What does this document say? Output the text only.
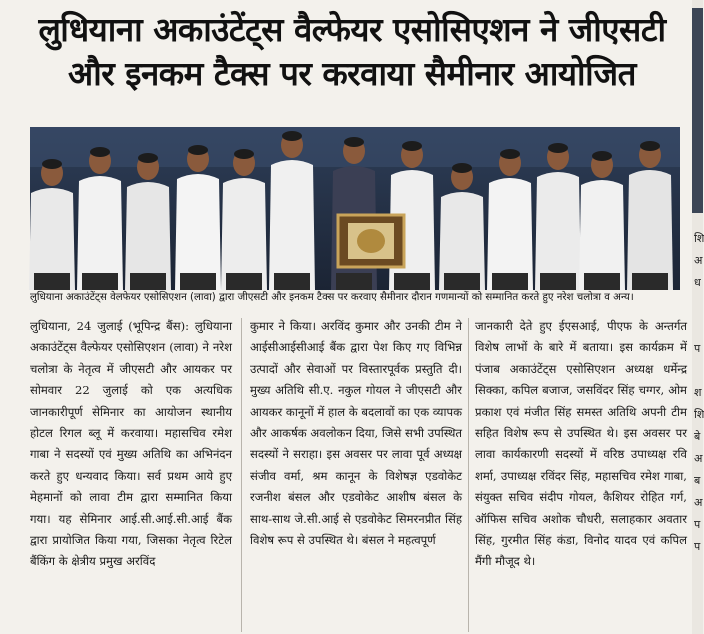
लुधियाना अकाउंटेंट्स वैल्फेयर एसोसिएशन ने जीएसटी
और इनकम टैक्स पर करवाया सैमीनार आयोजित
लुधियाना अकाउंटेंट्स वेलफेयर एसोसिएशन (लावा) द्वारा जीएसटी और इनकम टैक्स पर करवाए सैमीनार दौरान गणमान्यों को सम्मानित करते हुए नरेश चलोत्रा व अन्य।

लुधियाना, 24 जुलाई (भूपिन्द्र बैंस): लुधियाना अकाउंटेंट्स वैल्फेयर एसोसिएशन (लावा) ने नरेश चलोत्रा के नेतृत्व में जीएसटी और आयकर पर सोमवार 22 जुलाई को एक अत्यधिक जानकारीपूर्ण सेमिनार का आयोजन स्थानीय होटल रिगल ब्लू में करवाया। महासचिव रमेश गाबा ने सदस्यों एवं मुख्य अतिथि का अभिनंदन करते हुए धन्यवाद किया। सर्व प्रथम आये हुए मेहमानों को लावा टीम द्वारा सम्मानित किया गया। यह सेमिनार आई.सी.आई.सी.आई बैंक द्वारा प्रायोजित किया गया, जिसका नेतृत्व रिटेल बैंकिंग के क्षेत्रीय प्रमुख अरविंद

कुमार ने किया। अरविंद कुमार और उनकी टीम ने आईसीआईसीआई बैंक द्वारा पेश किए गए विभिन्न उत्पादों और सेवाओं पर विस्तारपूर्वक प्रस्तुति दी। मुख्य अतिथि सी.ए. नकुल गोयल ने जीएसटी और आयकर कानूनों में हाल के बदलावों का एक व्यापक और आकर्षक अवलोकन दिया, जिसे सभी उपस्थित सदस्यों ने सराहा। इस अवसर पर लावा पूर्व अध्यक्ष संजीव वर्मा, श्रम कानून के विशेषज्ञ एडवोकेट रजनीश बंसल और एडवोकेट आशीष बंसल के साथ-साथ जे.सी.आई से एडवोकेट सिमरनप्रीत सिंह विशेष रूप से उपस्थित थे। बंसल ने महत्वपूर्ण

जानकारी देते हुए ईएसआई, पीएफ के अन्तर्गत विशेष लाभों के बारे में बताया। इस कार्यक्रम में पंजाब अकाउंटेंट्स एसोसिएशन अध्यक्ष धर्मेन्द्र सिक्का, कपिल बजाज, जसविंदर सिंह चग्गर, ओम प्रकाश एवं मंजीत सिंह समस्त अतिथि अपनी टीम सहित विशेष रूप से उपस्थित थे। इस अवसर पर लावा कार्यकारणी सदस्यों में वरिष्ठ उपाध्यक्ष रवि शर्मा, उपाध्यक्ष रविंदर सिंह, महासचिव रमेश गाबा, संयुक्त सचिव संदीप गोयल, कैशियर रोहित गर्ग, ऑफिस सचिव अशोक चौधरी, सलाहकार अवतार सिंह, गुरमीत सिंह कंडा, विनोद यादव एवं कपिल मैंगी मौजूद थे।

शि
अ
ध

प

श
शि
बे
अ
ब
अ
प
प
